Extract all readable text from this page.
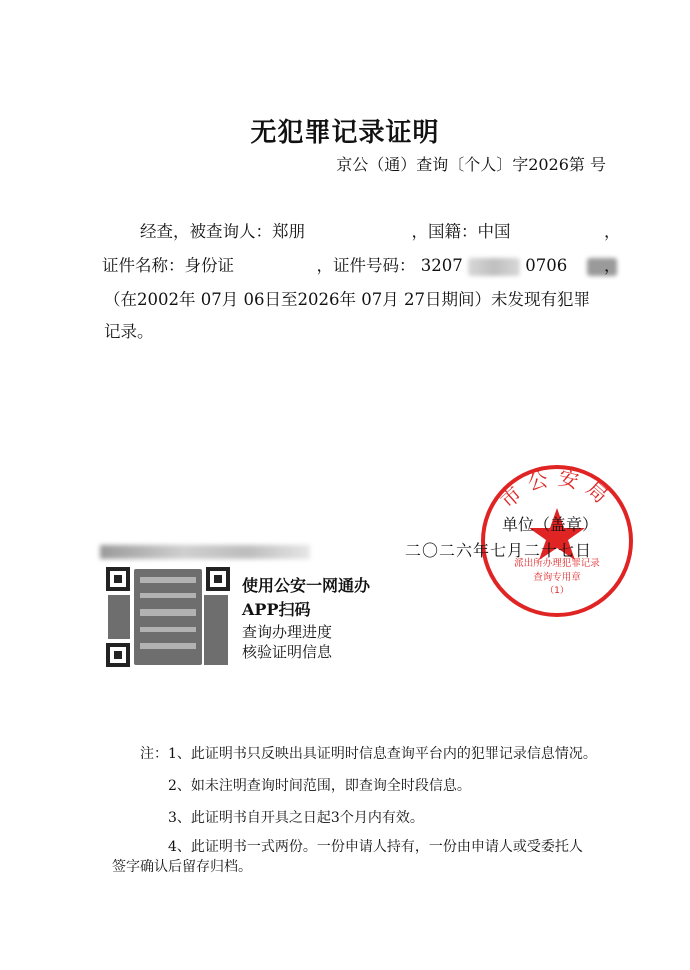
无犯罪记录证明
京公（通）查询〔个人〕字2026第 号
经查，被查询人：郑朋	，国籍：中国	，
证件名称：身份证	，证件号码： 3207	0706	，
（在2002年 07月 06日至2026年 07月 27日期间）未发现有犯罪
记录。
市公安局
派出所办理犯罪记录
查询专用章
（1）
单位（盖章）
二〇二六年七月二十七日
使用公安一网通办
APP扫码
查询办理进度
核验证明信息
注：1、此证明书只反映出具证明时信息查询平台内的犯罪记录信息情况。
2、如未注明查询时间范围，即查询全时段信息。
3、此证明书自开具之日起3个月内有效。
4、此证明书一式两份。一份申请人持有，一份由申请人或受委托人
签字确认后留存归档。
